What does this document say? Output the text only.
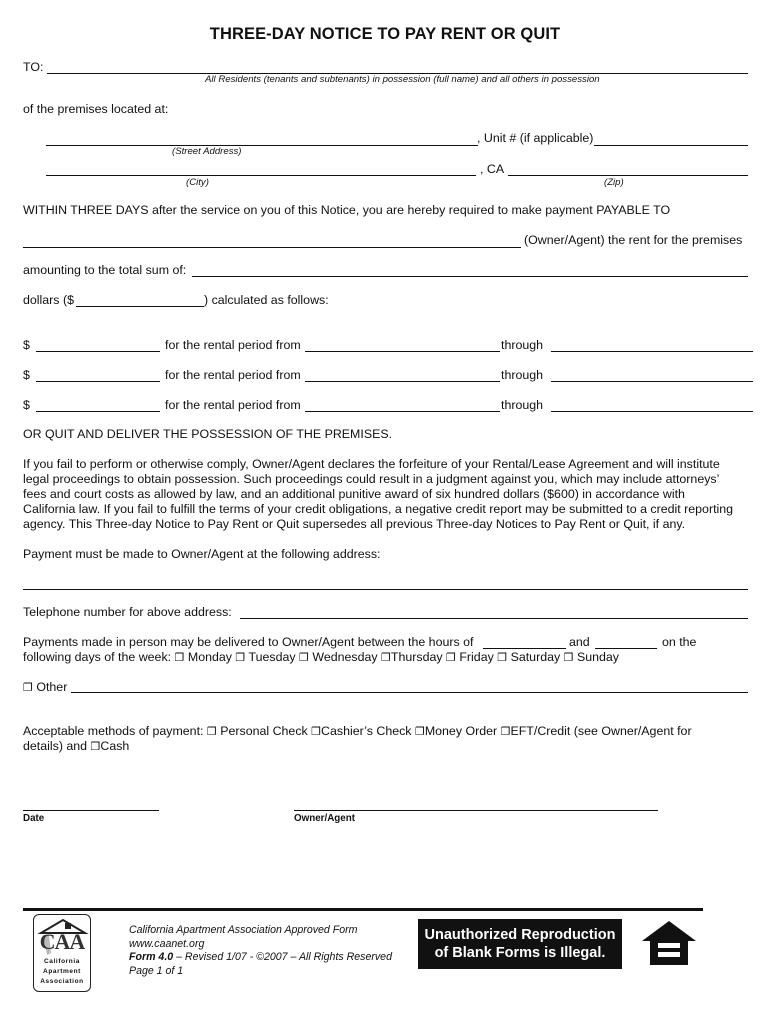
THREE-DAY NOTICE TO PAY RENT OR QUIT
TO:
All Residents (tenants and subtenants) in possession (full name) and all others in possession
of the premises located at:
, Unit # (if applicable)
(Street Address)
, CA
(City)	(Zip)
WITHIN THREE DAYS after the service on you of this Notice, you are hereby required to make payment PAYABLE TO
(Owner/Agent) the rent for the premises
amounting to the total sum of:
dollars ($	) calculated as follows:
$	for the rental period from	through
$	for the rental period from	through
$	for the rental period from	through
OR QUIT AND DELIVER THE POSSESSION OF THE PREMISES.
If you fail to perform or otherwise comply, Owner/Agent declares the forfeiture of your Rental/Lease Agreement and will institute
legal proceedings to obtain possession. Such proceedings could result in a judgment against you, which may include attorneys’
fees and court costs as allowed by law, and an additional punitive award of six hundred dollars ($600) in accordance with
California law. If you fail to fulfill the terms of your credit obligations, a negative credit report may be submitted to a credit reporting
agency. This Three-day Notice to Pay Rent or Quit supersedes all previous Three-day Notices to Pay Rent or Quit, if any.
Payment must be made to Owner/Agent at the following address:
Telephone number for above address:
Payments made in person may be delivered to Owner/Agent between the hours of	and	on the
following days of the week: ❐ Monday ❐ Tuesday ❐ Wednesday ❐Thursday ❐ Friday ❐ Saturday ❐ Sunday
❐ Other
Acceptable methods of payment: ❐ Personal Check ❐Cashier’s Check ❐Money Order ❐EFT/Credit (see Owner/Agent for
details) and ❐Cash
Date	Owner/Agent
CAA
California
Apartment
Association
California Apartment Association Approved Form
www.caanet.org
Form 4.0 – Revised 1/07 - ©2007 – All Rights Reserved
Page 1 of 1
Unauthorized Reproduction
of Blank Forms is Illegal.
